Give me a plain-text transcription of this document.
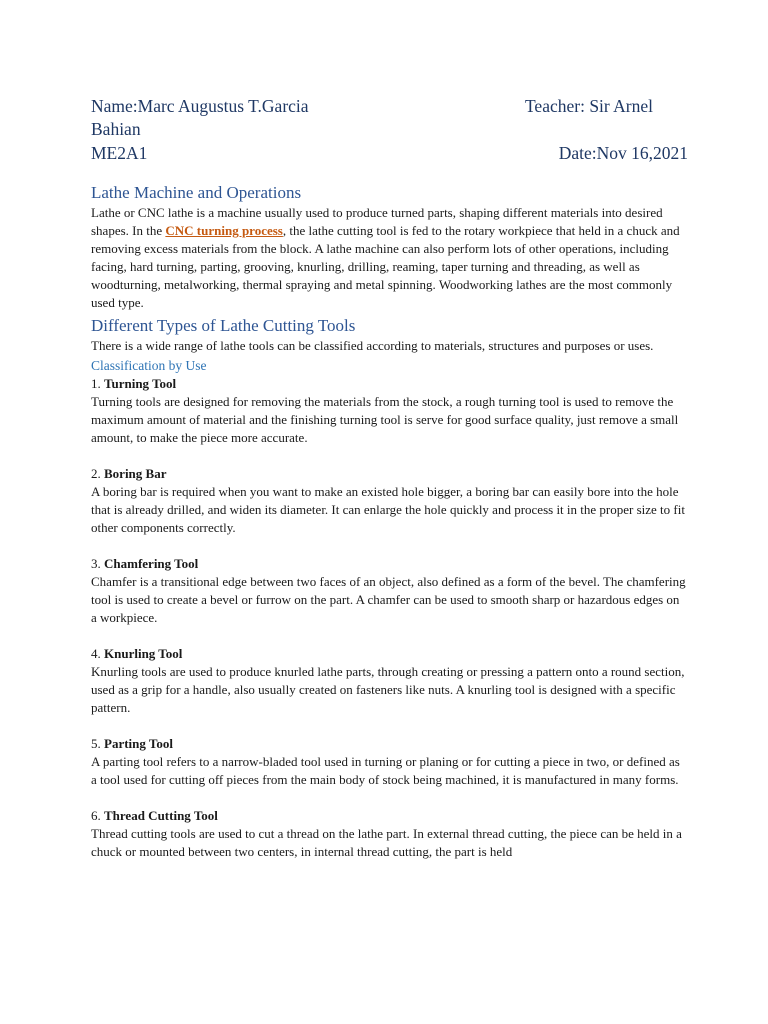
Name:Marc Augustus T.Garcia	Teacher: Sir Arnel
Bahian
ME2A1	Date:Nov 16,2021
Lathe Machine and Operations

Lathe or CNC lathe is a machine usually used to produce turned parts, shaping different materials into desired shapes. In the CNC turning process, the lathe cutting tool is fed to the rotary workpiece that held in a chuck and removing excess materials from the block. A lathe machine can also perform lots of other operations, including facing, hard turning, parting, grooving, knurling, drilling, reaming, taper turning and threading, as well as woodturning, metalworking, thermal spraying and metal spinning. Woodworking lathes are the most commonly used type.

Different Types of Lathe Cutting Tools

There is a wide range of lathe tools can be classified according to materials, structures and purposes or uses.

Classification by Use
1. Turning Tool

Turning tools are designed for removing the materials from the stock, a rough turning tool is used to remove the maximum amount of material and the finishing turning tool is serve for good surface quality, just remove a small amount, to make the piece more accurate.

2. Boring Bar

A boring bar is required when you want to make an existed hole bigger, a boring bar can easily bore into the hole that is already drilled, and widen its diameter. It can enlarge the hole quickly and process it in the proper size to fit other components correctly.

3. Chamfering Tool

Chamfer is a transitional edge between two faces of an object, also defined as a form of the bevel. The chamfering tool is used to create a bevel or furrow on the part. A chamfer can be used to smooth sharp or hazardous edges on a workpiece.

4. Knurling Tool

Knurling tools are used to produce knurled lathe parts, through creating or pressing a pattern onto a round section, used as a grip for a handle, also usually created on fasteners like nuts. A knurling tool is designed with a specific pattern.

5. Parting Tool

A parting tool refers to a narrow-bladed tool used in turning or planing or for cutting a piece in two, or defined as a tool used for cutting off pieces from the main body of stock being machined, it is manufactured in many forms.

6. Thread Cutting Tool

Thread cutting tools are used to cut a thread on the lathe part. In external thread cutting, the piece can be held in a chuck or mounted between two centers, in internal thread cutting, the part is held
